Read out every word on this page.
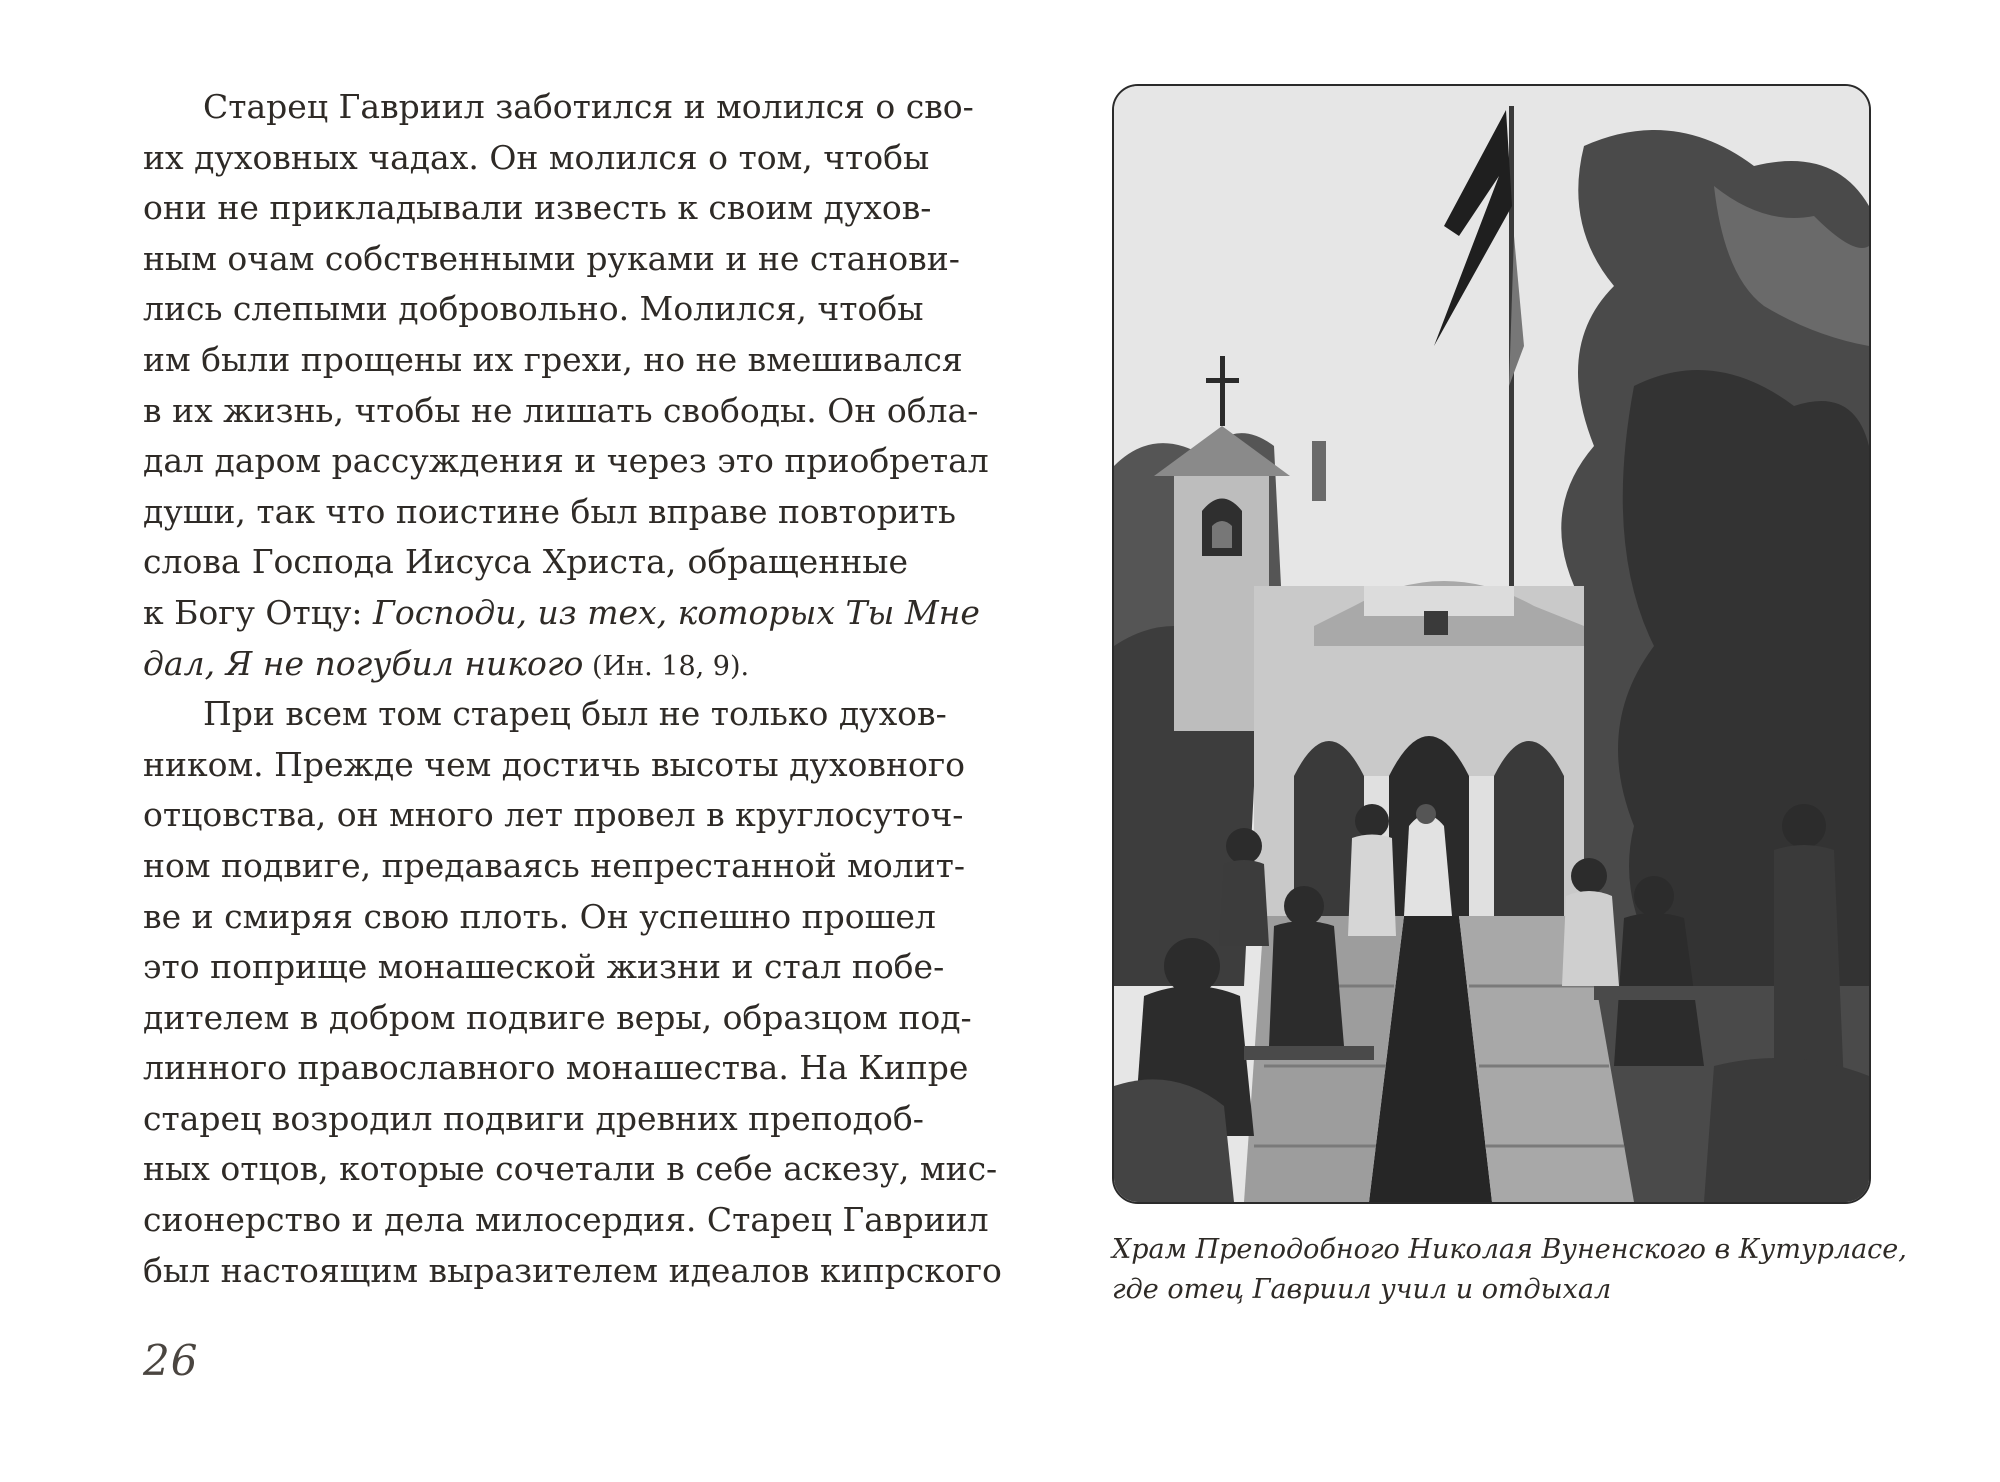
Старец Гавриил заботился и молился о сво-
их духовных чадах. Он молился о том, чтобы
они не прикладывали известь к своим духов-
ным очам собственными руками и не станови-
лись слепыми добровольно. Молился, чтобы
им были прощены их грехи, но не вмешивался
в их жизнь, чтобы не лишать свободы. Он обла-
дал даром рассуждения и через это приобретал
души, так что поистине был вправе повторить
слова Господа Иисуса Христа, обращенные
к Богу Отцу: Господи, из тех, которых Ты Мне
дал, Я не погубил никого (Ин. 18, 9).
При всем том старец был не только духов-
ником. Прежде чем достичь высоты духовного
отцовства, он много лет провел в круглосуточ-
ном подвиге, предаваясь непрестанной молит-
ве и смиряя свою плоть. Он успешно прошел
это поприще монашеской жизни и стал побе-
дителем в добром подвиге веры, образцом под-
линного православного монашества. На Кипре
старец возродил подвиги древних преподоб-
ных отцов, которые сочетали в себе аскезу, мис-
сионерство и дела милосердия. Старец Гавриил
был настоящим выразителем идеалов кипрского
26
Храм Преподобного Николая Вуненского в Кутурласе,
где отец Гавриил учил и отдыхал
